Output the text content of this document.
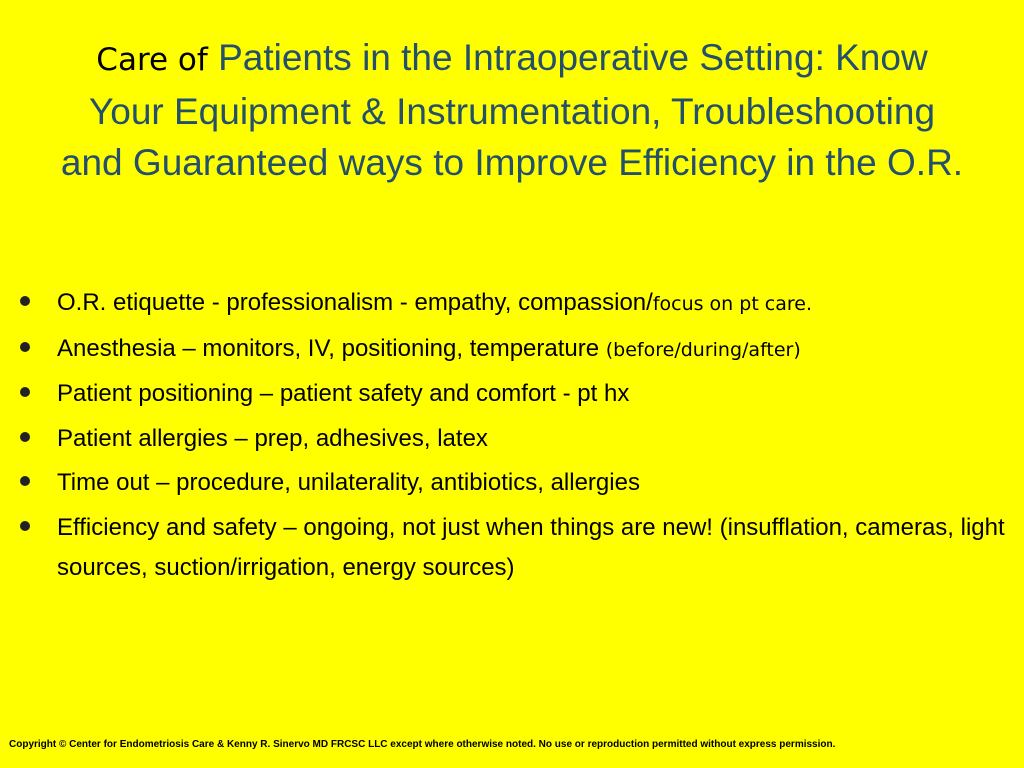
Care of Patients in the Intraoperative Setting: Know Your Equipment & Instrumentation, Troubleshooting and Guaranteed ways to Improve Efficiency in the O.R.
O.R. etiquette - professionalism - empathy, compassion/focus on pt care.
Anesthesia – monitors, IV, positioning, temperature (before/during/after)
Patient positioning – patient safety and comfort - pt hx
Patient allergies – prep, adhesives, latex
Time out – procedure, unilaterality, antibiotics, allergies
Efficiency and safety – ongoing, not just when things are new! (insufflation, cameras, light sources, suction/irrigation, energy sources)
Copyright © Center for Endometriosis Care & Kenny R. Sinervo MD FRCSC LLC except where otherwise noted. No use or reproduction permitted without express permission.
